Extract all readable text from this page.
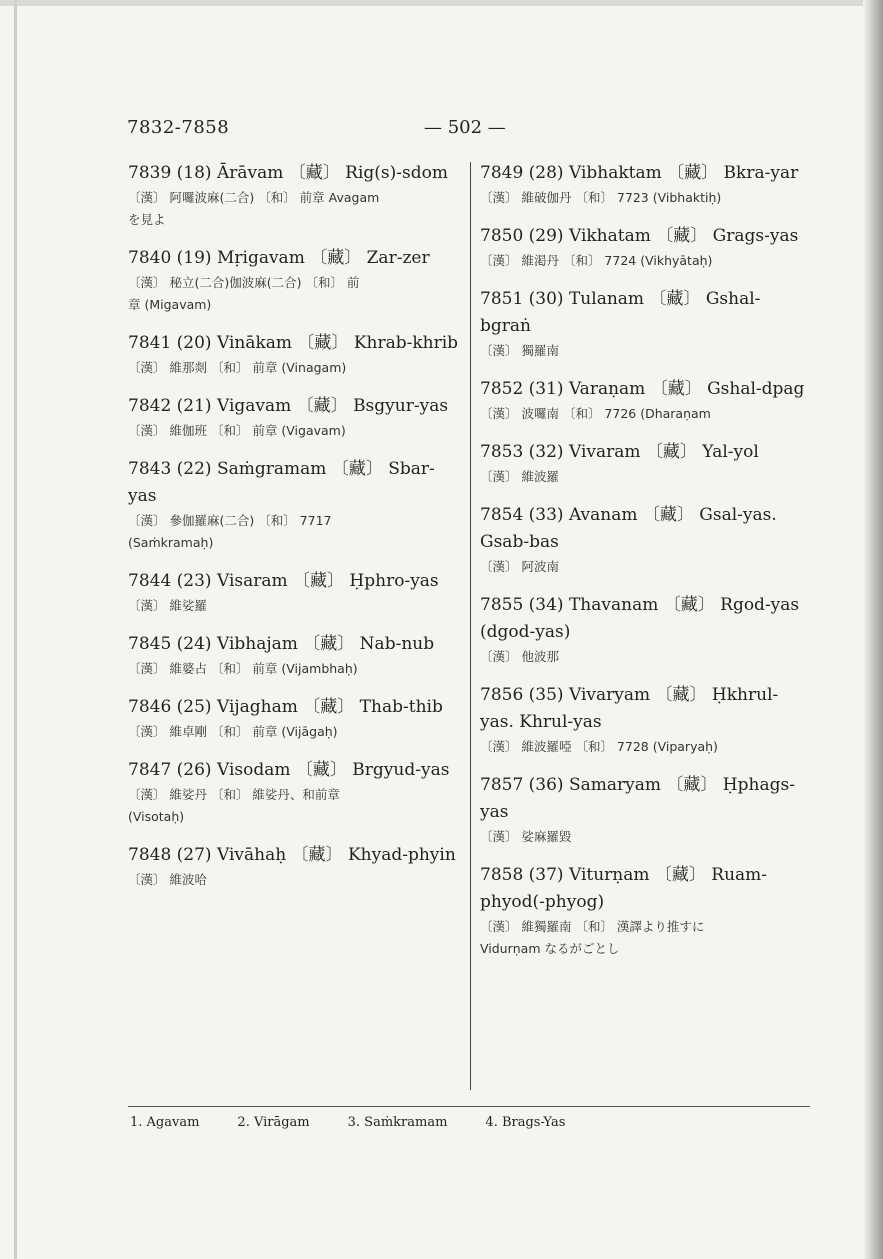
7832-7858	— 502 —
7839 (18) Ārāvam 〔藏〕 Rig(s)-sdom
〔漢〕 阿囉波麻(二合) 〔和〕 前章 Avagam
を見よ
7840 (19) Mṛigavam 〔藏〕 Zar-zer
〔漢〕 秘立(二合)伽波麻(二合) 〔和〕 前
章 (Migavam)
7841 (20) Vinākam 〔藏〕 Khrab-khrib
〔漢〕 維那剡 〔和〕 前章 (Vinagam)
7842 (21) Vigavam 〔藏〕 Bsgyur-yas
〔漢〕 維伽班 〔和〕 前章 (Vigavam)
7843 (22) Saṁgramam 〔藏〕 Sbar-yas
〔漢〕 參伽羅麻(二合) 〔和〕 7717
(Saṁkramaḥ)
7844 (23) Visaram 〔藏〕 Ḥphro-yas
〔漢〕 維娑羅
7845 (24) Vibhajam 〔藏〕 Nab-nub
〔漢〕 維婆占 〔和〕 前章 (Vijambhaḥ)
7846 (25) Vijagham 〔藏〕 Thab-thib
〔漢〕 維卓剛 〔和〕 前章 (Vijāgaḥ)
7847 (26) Visodam 〔藏〕 Brgyud-yas
〔漢〕 維娑丹 〔和〕 維娑丹、和前章
(Visotaḥ)
7848 (27) Vivāhaḥ 〔藏〕 Khyad-phyin
〔漢〕 維波哈
7849 (28) Vibhaktam 〔藏〕 Bkra-yar
〔漢〕 維破伽丹 〔和〕 7723 (Vibhaktiḥ)
7850 (29) Vikhatam 〔藏〕 Grags-yas
〔漢〕 維渇丹 〔和〕 7724 (Vikhyātaḥ)
7851 (30) Tulanam 〔藏〕 Gshal-bgraṅ
〔漢〕 獨羅南
7852 (31) Varaṇam 〔藏〕 Gshal-dpag
〔漢〕 波囉南 〔和〕 7726 (Dharaṇam
7853 (32) Vivaram 〔藏〕 Yal-yol
〔漢〕 維波羅
7854 (33) Avanam 〔藏〕 Gsal-yas. Gsab-bas
〔漢〕 阿波南
7855 (34) Thavanam 〔藏〕 Rgod-yas (dgod-yas)
〔漢〕 他波那
7856 (35) Vivaryam 〔藏〕 Ḥkhrul-yas. Khrul-yas
〔漢〕 維波羅啞 〔和〕 7728 (Viparyaḥ)
7857 (36) Samaryam 〔藏〕 Ḥphags-yas
〔漢〕 娑麻羅毀
7858 (37) Viturṇam 〔藏〕 Ruam-phyod(-phyog)
〔漢〕 維獨羅南 〔和〕 漢譯より推すに
Vidurṇam なるがごとし
1. Agavam	2. Virāgam	3. Saṁkramam	4. Brags-Yas
